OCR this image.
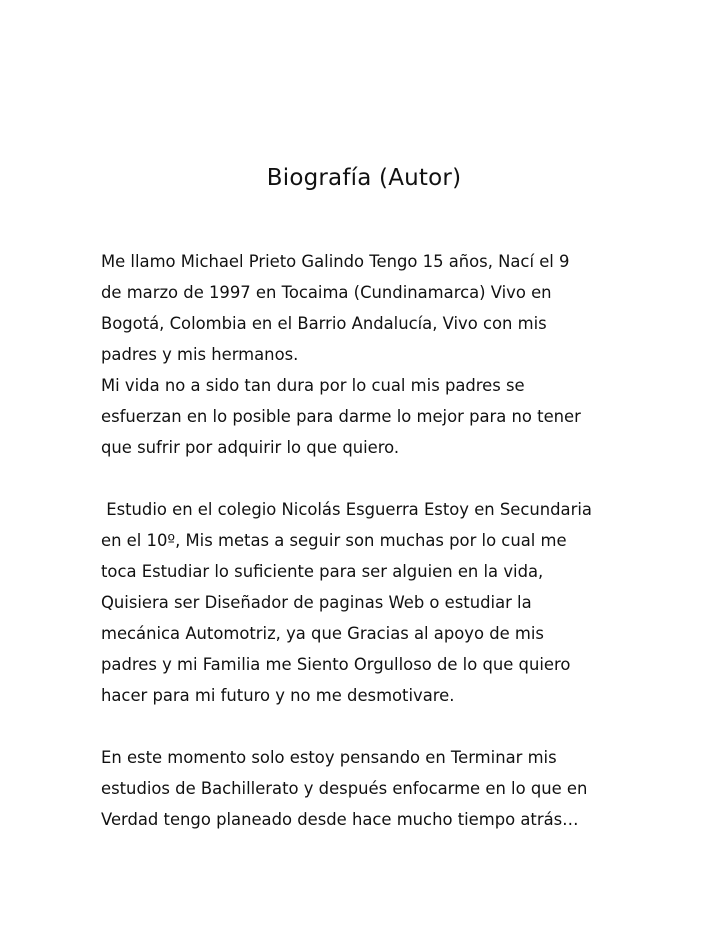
Biografía (Autor)
Me llamo Michael Prieto Galindo Tengo 15 años, Nací el 9
de marzo de 1997 en Tocaima (Cundinamarca) Vivo en
Bogotá, Colombia en el Barrio Andalucía, Vivo con mis
padres y mis hermanos.
Mi vida no a sido tan dura por lo cual mis padres se
esfuerzan en lo posible para darme lo mejor para no tener
que sufrir por adquirir lo que quiero.
Estudio en el colegio Nicolás Esguerra Estoy en Secundaria
en el 10º, Mis metas a seguir son muchas por lo cual me
toca Estudiar lo suficiente para ser alguien en la vida,
Quisiera ser Diseñador de paginas Web o estudiar la
mecánica Automotriz, ya que Gracias al apoyo de mis
padres y mi Familia me Siento Orgulloso de lo que quiero
hacer para mi futuro y no me desmotivare.
En este momento solo estoy pensando en Terminar mis
estudios de Bachillerato y después enfocarme en lo que en
Verdad tengo planeado desde hace mucho tiempo atrás…
